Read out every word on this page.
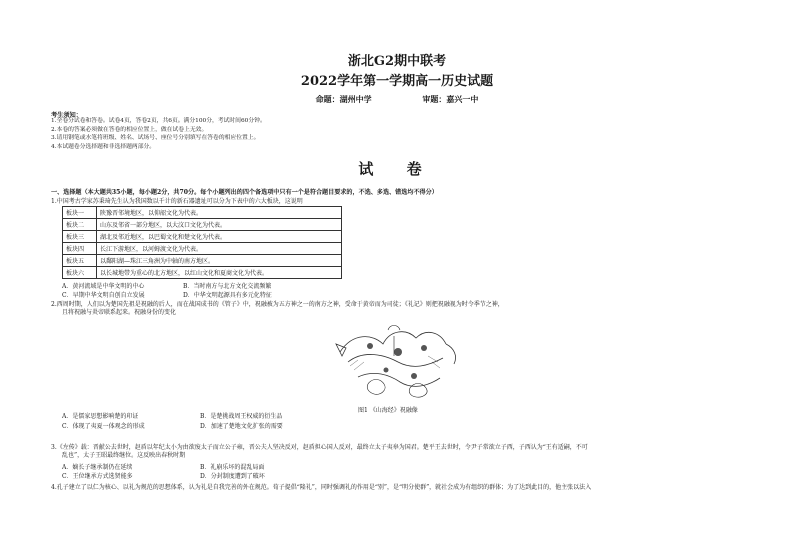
浙北G2期中联考
2022学年第一学期高一历史试题
命题：湖州中学	审题：嘉兴一中
考生须知：
1.全卷分试卷和答卷。试卷4页，答卷2页，共6页。满分100分，考试时间60分钟。
2.本卷的答案必须做在答卷的相应位置上，做在试卷上无效。
3.请用钢笔或水笔将班级、姓名、试场号、座位号分别填写在答卷的相应位置上。
4.本试题卷分选择题和非选择题两部分。
试 卷
一、选择题（本大题共35小题，每小题2分，共70分。每个小题列出的四个备选项中只有一个是符合题目要求的，不选、多选、错选均不得分）
1.中国考古学家苏秉琦先生认为我国数以千计的新石器遗址可以分为下表中的六大板块，这说明
板块一	陕豫晋邻境地区，以仰韶文化为代表。
板块二	山东及邻省一部分地区，以大汶口文化为代表。
板块三	湖北及邻近地区，以巴蜀文化和楚文化为代表。
板块四	长江下游地区，以河姆渡文化为代表。
板块五	以鄱阳湖—珠江三角洲为中轴的南方地区。
板块六	以长城地带为重心的北方地区，以红山文化和夏商文化为代表。
A．黄河流域是中华文明的中心	B．当时南方与北方文化交流频繁
C．早期中华文明自创自立发展	D．中华文明起源具有多元化特征
2.西周时期，人们以为楚国先祖是祝融的后人，而在战国成书的《管子》中，祝融被为五方神之一的南方之神，受命于黄帝而为司徒；《礼记》则把祝融视为时令季节之神，
且将祝融与炎帝联系起来。祝融身份的变化
图1 《山海经》祝融像
A．是儒家思想影响楚的印证	B．是楚挑战周王权威的衍生品
C．体现了夷夏一体观念的形成	D．加速了楚地文化扩张的需要
3.《左传》载：晋献公去世时，赵盾以年纪太小为由欲废太子而立公子雍，晋公夫人坚决反对，赵盾担心国人反对，最终立太子夷皋为国君。楚平王去世时，令尹子常欲立子西，子西认为“王有适嗣，不可
乱也”，太子王昭最终继位。这反映出春秋时期
A．嫡长子继承制仍在延续	B．礼崩乐坏的混乱局面
C．王位继承方式选贤能多	D．分封制度遭到了破坏
4.孔子建立了以仁为核心、以礼为规范的思想体系，认为礼是自我完善的外在规范。荀子提倡“隆礼”，同时强调礼的作用是“别”，是“明分使群”，就社会成为有组织的群体；为了达到此目的，他主张以法入
